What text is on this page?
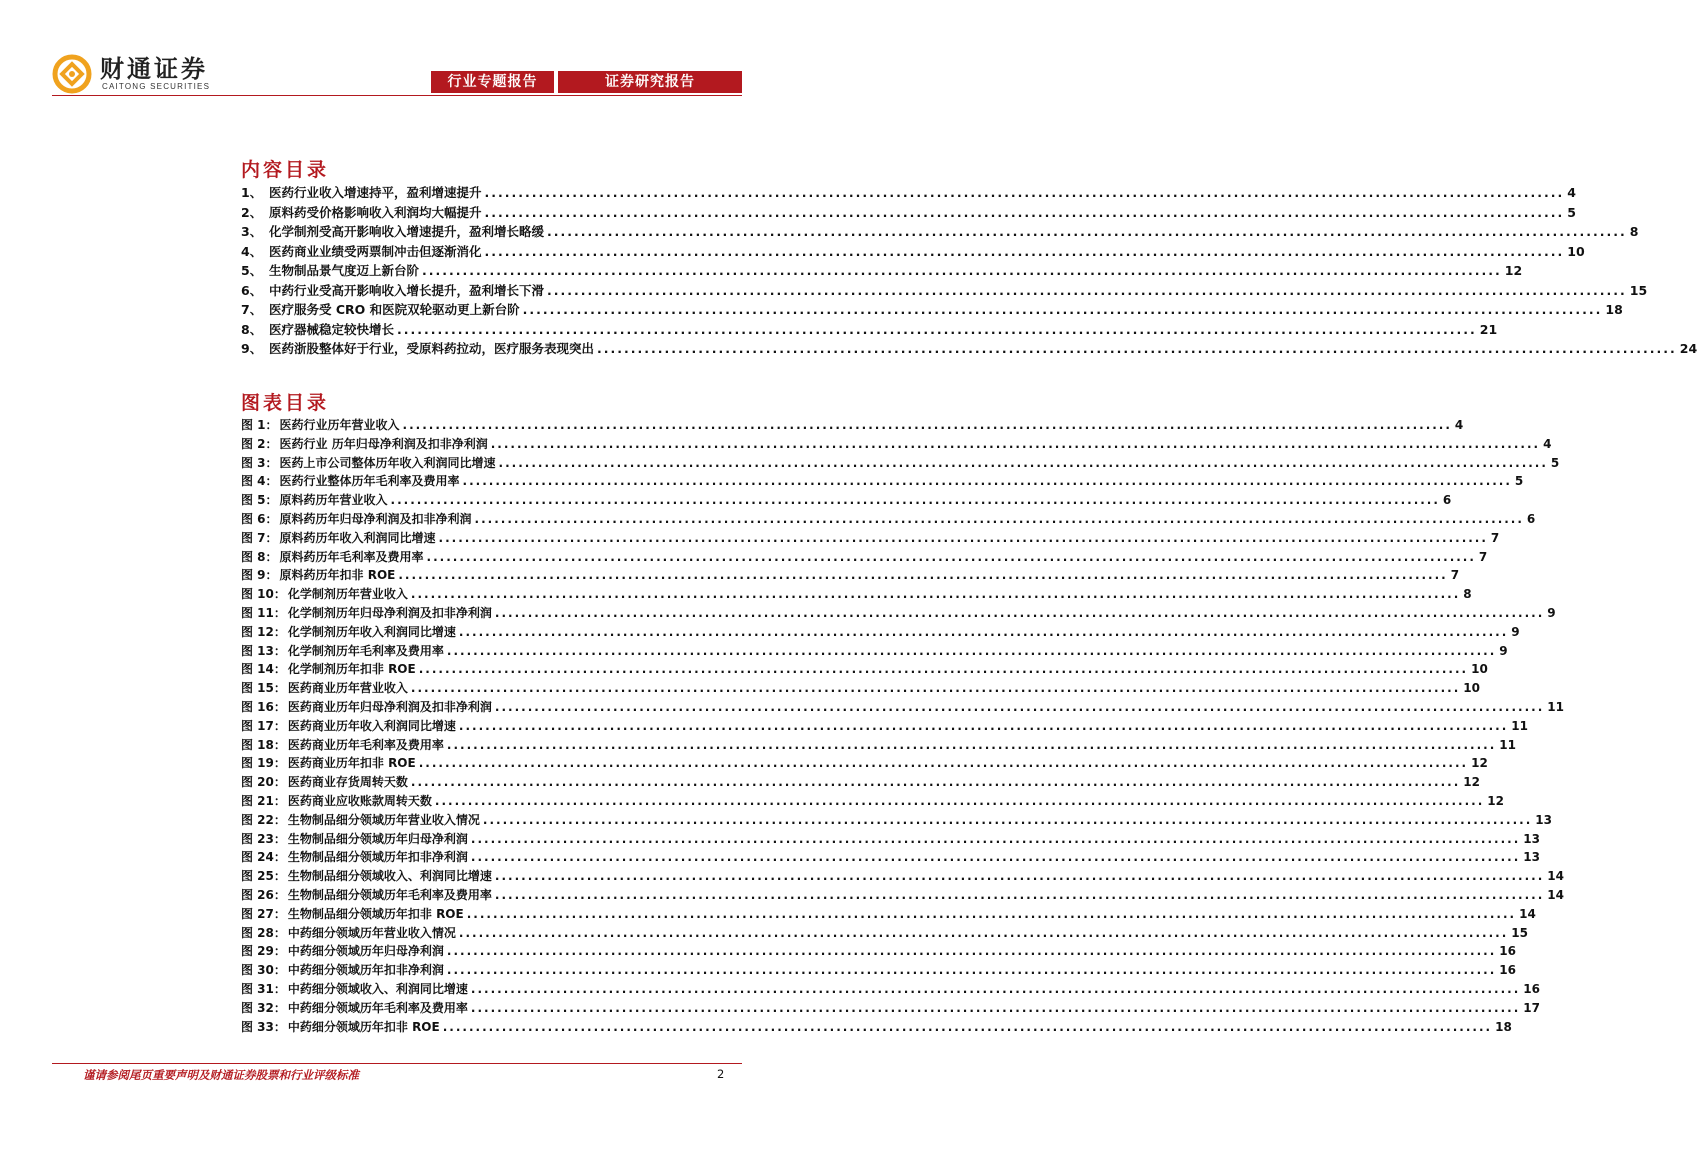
财通证券
CAITONG SECURITIES	行业专题报告	证券研究报告
内容目录
1、 医药行业收入增速持平，盈利增速提升 .....	4
2、 原料药受价格影响收入利润均大幅提升 .....	5
3、 化学制剂受高开影响收入增速提升，盈利增长略缓 .....	8
4、 医药商业业绩受两票制冲击但逐渐消化 .....	10
5、 生物制品景气度迈上新台阶 .....	12
6、 中药行业受高开影响收入增长提升，盈利增长下滑 .....	15
7、 医疗服务受 CRO 和医院双轮驱动更上新台阶 .....	18
8、 医疗器械稳定较快增长 .....	21
9、 医药浙股整体好于行业，受原料药拉动，医疗服务表现突出 .....	24
图表目录
图 1： 医药行业历年营业收入 .....	4
图 2： 医药行业 历年归母净利润及扣非净利润 .....	4
图 3： 医药上市公司整体历年收入利润同比增速 .....	5
图 4： 医药行业整体历年毛利率及费用率 .....	5
图 5： 原料药历年营业收入 .....	6
图 6： 原料药历年归母净利润及扣非净利润 .....	6
图 7： 原料药历年收入利润同比增速 .....	7
图 8： 原料药历年毛利率及费用率 .....	7
图 9： 原料药历年扣非 ROE .....	7
图 10： 化学制剂历年营业收入 .....	8
图 11： 化学制剂历年归母净利润及扣非净利润 .....	9
图 12： 化学制剂历年收入利润同比增速 .....	9
图 13： 化学制剂历年毛利率及费用率 .....	9
图 14： 化学制剂历年扣非 ROE .....	10
图 15： 医药商业历年营业收入 .....	10
图 16： 医药商业历年归母净利润及扣非净利润 .....	11
图 17： 医药商业历年收入利润同比增速 .....	11
图 18： 医药商业历年毛利率及费用率 .....	11
图 19： 医药商业历年扣非 ROE .....	12
图 20： 医药商业存货周转天数 .....	12
图 21： 医药商业应收账款周转天数 .....	12
图 22： 生物制品细分领域历年营业收入情况 .....	13
图 23： 生物制品细分领域历年归母净利润 .....	13
图 24： 生物制品细分领域历年扣非净利润 .....	13
图 25： 生物制品细分领域收入、利润同比增速 .....	14
图 26： 生物制品细分领域历年毛利率及费用率 .....	14
图 27： 生物制品细分领域历年扣非 ROE .....	14
图 28： 中药细分领域历年营业收入情况 .....	15
图 29： 中药细分领域历年归母净利润 .....	16
图 30： 中药细分领域历年扣非净利润 .....	16
图 31： 中药细分领域收入、利润同比增速 .....	16
图 32： 中药细分领域历年毛利率及费用率 .....	17
图 33： 中药细分领域历年扣非 ROE .....	18
谨请参阅尾页重要声明及财通证券股票和行业评级标准	2
